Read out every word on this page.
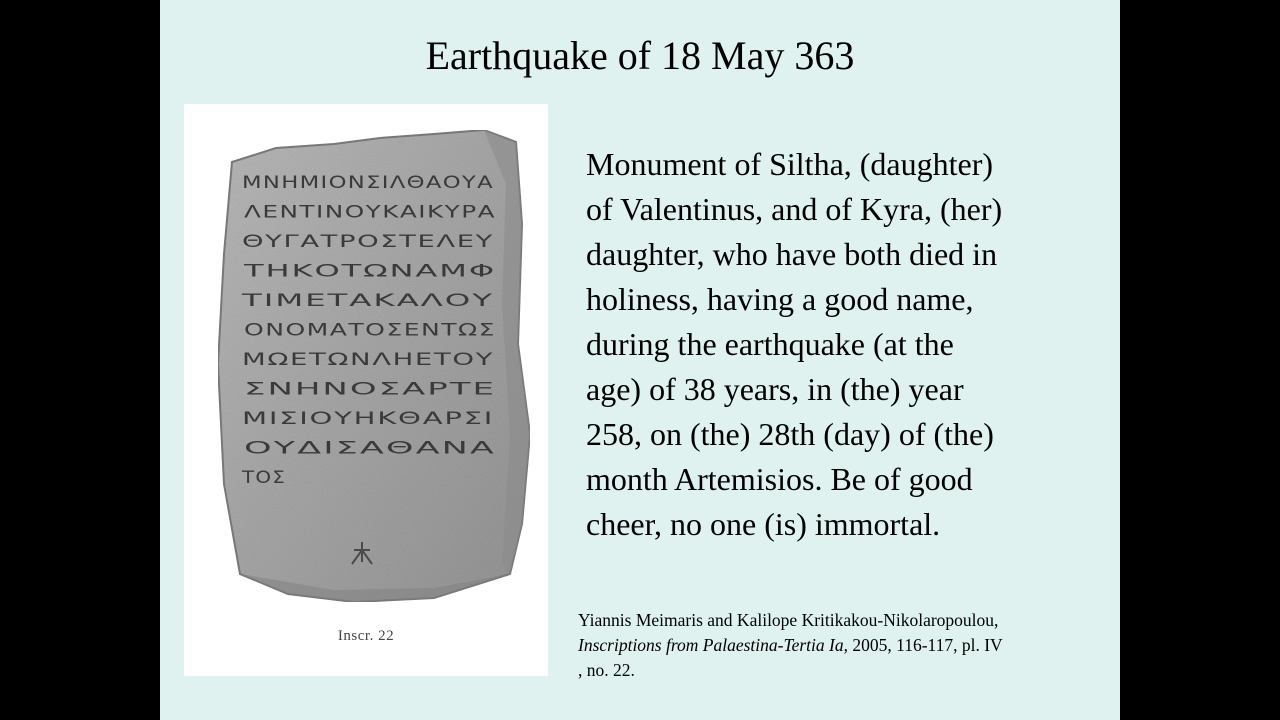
Earthquake of 18 May 363
ΜΝΗΜΙΟΝΣΙΛΘΑΟΥΑ
ΛΕΝΤΙΝΟΥΚΑΙΚΥΡΑ
ΘΥΓΑΤΡΟΣΤΕΛΕΥ
ΤΗΚΟΤΩΝΑΜΦ
ΤΙΜΕΤΑΚΑΛΟΥ
ΟΝΟΜΑΤΟΣΕΝΤΩΣ
ΜΩΕΤΩΝΛΗΕΤΟΥ
ΣΝΗΝΟΣΑΡΤΕ
ΜΙΣΙΟΥΗΚΘΑΡΣΙ
ΟΥΔΙΣΑΘΑΝΑ
ΤΟΣ
Inscr. 22
Monument of Siltha, (daughter)
of Valentinus, and of Kyra, (her)
daughter, who have both died in
holiness, having a good name,
during the earthquake (at the
age) of 38 years, in (the) year
258, on (the) 28th (day) of (the)
month Artemisios. Be of good
cheer, no one (is) immortal.
Yiannis Meimaris and Kalilope Kritikakou-Nikolaropoulou,
Inscriptions from Palaestina-Tertia Ia, 2005, 116-117, pl. IV
, no. 22.
